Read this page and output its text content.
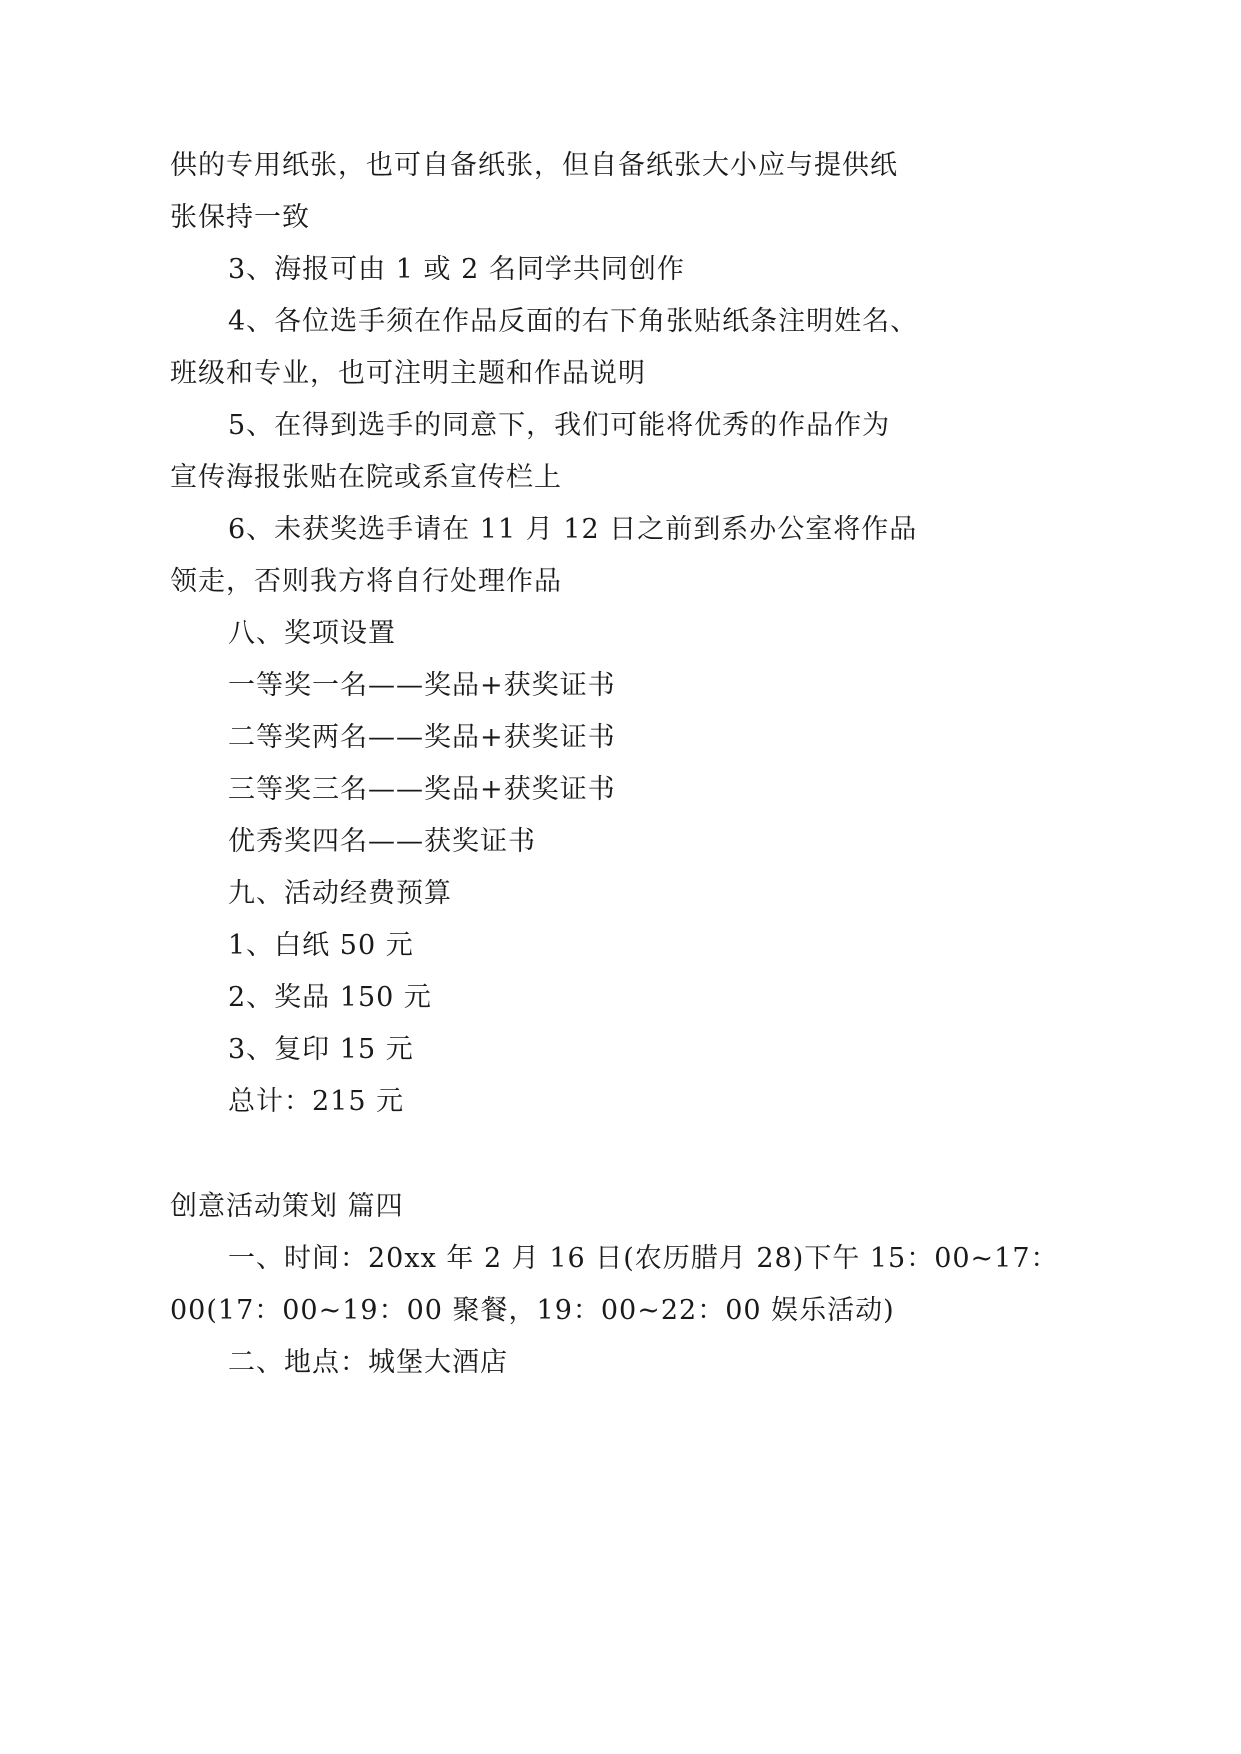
供的专用纸张，也可自备纸张，但自备纸张大小应与提供纸
张保持一致
3、海报可由 1 或 2 名同学共同创作
4、各位选手须在作品反面的右下角张贴纸条注明姓名、
班级和专业，也可注明主题和作品说明
5、在得到选手的同意下，我们可能将优秀的作品作为
宣传海报张贴在院或系宣传栏上
6、未获奖选手请在 11 月 12 日之前到系办公室将作品
领走，否则我方将自行处理作品
八、奖项设置
一等奖一名——奖品+获奖证书
二等奖两名——奖品+获奖证书
三等奖三名——奖品+获奖证书
优秀奖四名——获奖证书
九、活动经费预算
1、白纸 50 元
2、奖品 150 元
3、复印 15 元
总计：215 元
创意活动策划 篇四
一、时间：20xx 年 2 月 16 日(农历腊月 28)下午 15：00~17：
00(17：00~19：00 聚餐，19：00~22：00 娱乐活动)
二、地点：城堡大酒店
